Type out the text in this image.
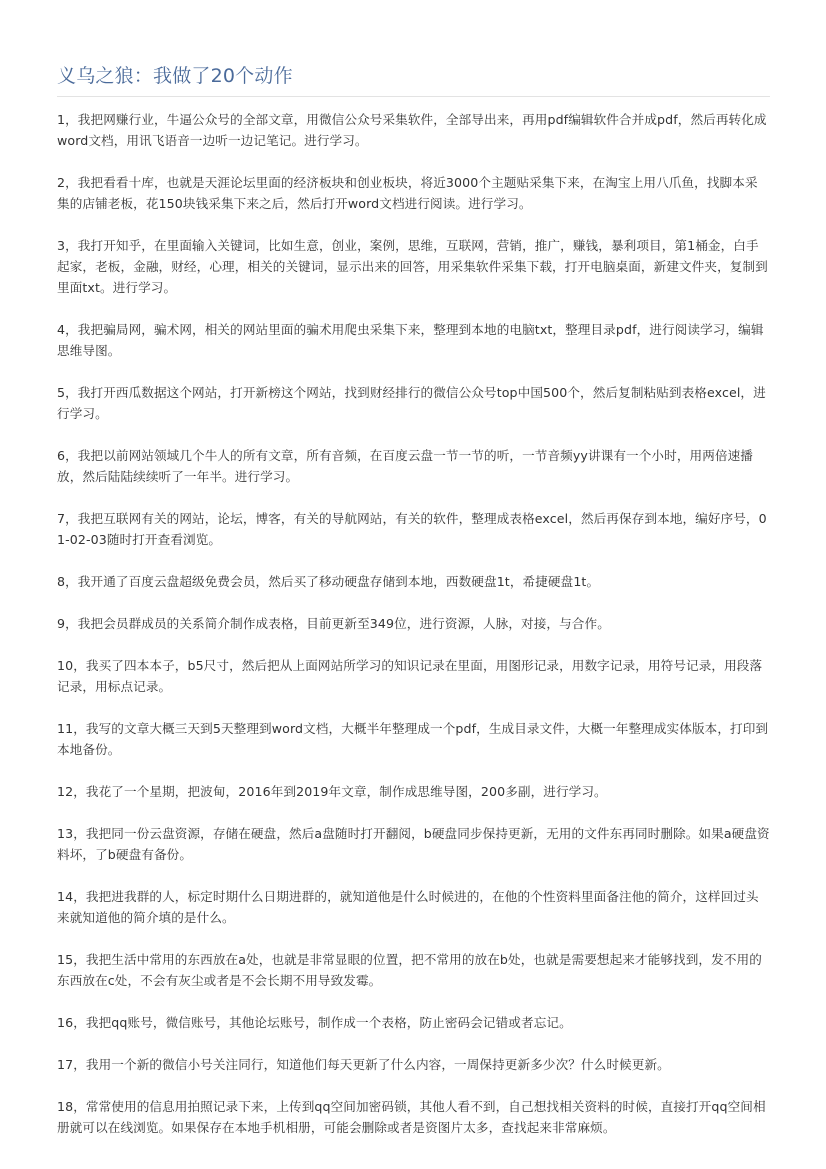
义乌之狼：我做了20个动作
1，我把网赚行业，牛逼公众号的全部文章，用微信公众号采集软件，全部导出来，再用pdf编辑软件合并成pdf，然后再转化成word文档，用讯飞语音一边听一边记笔记。进行学习。
2，我把看看十库，也就是天涯论坛里面的经济板块和创业板块，将近3000个主题贴采集下来，在淘宝上用八爪鱼，找脚本采集的店铺老板，花150块钱采集下来之后，然后打开word文档进行阅读。进行学习。
3，我打开知乎，在里面输入关键词，比如生意，创业，案例，思维，互联网，营销，推广，赚钱，暴利项目，第1桶金，白手起家，老板，金融，财经，心理，相关的关键词，显示出来的回答，用采集软件采集下载，打开电脑桌面，新建文件夹，复制到里面txt。进行学习。
4，我把骗局网，骗术网，相关的网站里面的骗术用爬虫采集下来，整理到本地的电脑txt，整理目录pdf，进行阅读学习，编辑思维导图。
5，我打开西瓜数据这个网站，打开新榜这个网站，找到财经排行的微信公众号top中国500个，然后复制粘贴到表格excel，进行学习。
6，我把以前网站领域几个牛人的所有文章，所有音频，在百度云盘一节一节的听，一节音频yy讲课有一个小时，用两倍速播放，然后陆陆续续听了一年半。进行学习。
7，我把互联网有关的网站，论坛，博客，有关的导航网站，有关的软件，整理成表格excel，然后再保存到本地，编好序号，01-02-03随时打开查看浏览。
8，我开通了百度云盘超级免费会员，然后买了移动硬盘存储到本地，西数硬盘1t，希捷硬盘1t。
9，我把会员群成员的关系简介制作成表格，目前更新至349位，进行资源，人脉，对接，与合作。
10，我买了四本本子，b5尺寸，然后把从上面网站所学习的知识记录在里面，用图形记录，用数字记录，用符号记录，用段落记录，用标点记录。
11，我写的文章大概三天到5天整理到word文档，大概半年整理成一个pdf，生成目录文件，大概一年整理成实体版本，打印到本地备份。
12，我花了一个星期，把波甸，2016年到2019年文章，制作成思维导图，200多副，进行学习。
13，我把同一份云盘资源，存储在硬盘，然后a盘随时打开翻阅，b硬盘同步保持更新，无用的文件东再同时删除。如果a硬盘资料坏，了b硬盘有备份。
14，我把进我群的人，标定时期什么日期进群的，就知道他是什么时候进的，在他的个性资料里面备注他的简介，这样回过头来就知道他的简介填的是什么。
15，我把生活中常用的东西放在a处，也就是非常显眼的位置，把不常用的放在b处，也就是需要想起来才能够找到，发不用的东西放在c处，不会有灰尘或者是不会长期不用导致发霉。
16，我把qq账号，微信账号，其他论坛账号，制作成一个表格，防止密码会记错或者忘记。
17，我用一个新的微信小号关注同行，知道他们每天更新了什么内容，一周保持更新多少次？什么时候更新。
18，常常使用的信息用拍照记录下来，上传到qq空间加密码锁，其他人看不到，自己想找相关资料的时候，直接打开qq空间相册就可以在线浏览。如果保存在本地手机相册，可能会删除或者是资图片太多，查找起来非常麻烦。
